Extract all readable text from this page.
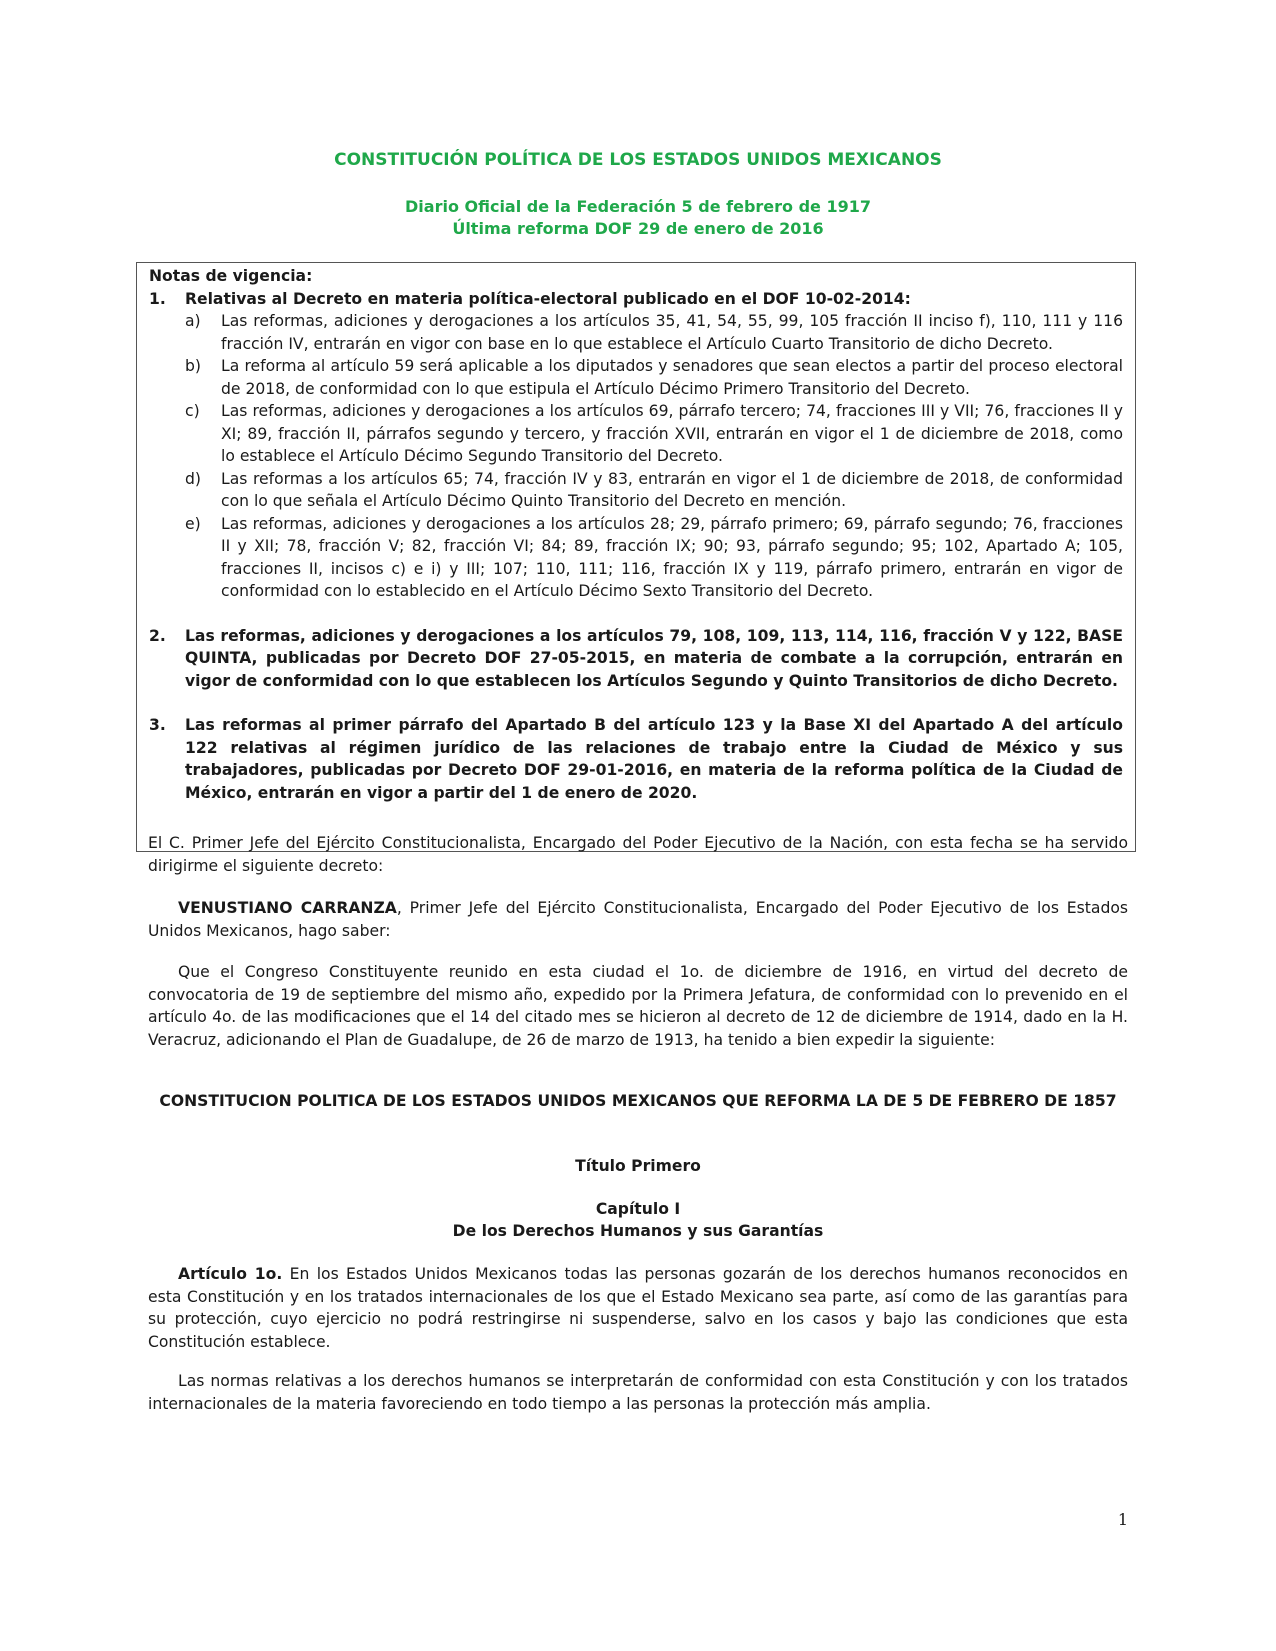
CONSTITUCIÓN POLÍTICA DE LOS ESTADOS UNIDOS MEXICANOS

Diario Oficial de la Federación 5 de febrero de 1917

Última reforma DOF 29 de enero de 2016

Notas de vigencia:

1.	Relativas al Decreto en materia política-electoral publicado en el DOF 10-02-2014:
a)	Las reformas, adiciones y derogaciones a los artículos 35, 41, 54, 55, 99, 105 fracción II inciso f), 110, 111 y 116 fracción IV, entrarán en vigor con base en lo que establece el Artículo Cuarto Transitorio de dicho Decreto.
b)	La reforma al artículo 59 será aplicable a los diputados y senadores que sean electos a partir del proceso electoral de 2018, de conformidad con lo que estipula el Artículo Décimo Primero Transitorio del Decreto.
c)	Las reformas, adiciones y derogaciones a los artículos 69, párrafo tercero; 74, fracciones III y VII; 76, fracciones II y XI; 89, fracción II, párrafos segundo y tercero, y fracción XVII, entrarán en vigor el 1 de diciembre de 2018, como lo establece el Artículo Décimo Segundo Transitorio del Decreto.
d)	Las reformas a los artículos 65; 74, fracción IV y 83, entrarán en vigor el 1 de diciembre de 2018, de conformidad con lo que señala el Artículo Décimo Quinto Transitorio del Decreto en mención.
e)	Las reformas, adiciones y derogaciones a los artículos 28; 29, párrafo primero; 69, párrafo segundo; 76, fracciones II y XII; 78, fracción V; 82, fracción VI; 84; 89, fracción IX; 90; 93, párrafo segundo; 95; 102, Apartado A; 105, fracciones II, incisos c) e i) y III; 107; 110, 111; 116, fracción IX y 119, párrafo primero, entrarán en vigor de conformidad con lo establecido en el Artículo Décimo Sexto Transitorio del Decreto.
2.	Las reformas, adiciones y derogaciones a los artículos 79, 108, 109, 113, 114, 116, fracción V y 122, BASE QUINTA, publicadas por Decreto DOF 27-05-2015, en materia de combate a la corrupción, entrarán en vigor de conformidad con lo que establecen los Artículos Segundo y Quinto Transitorios de dicho Decreto.
3.	Las reformas al primer párrafo del Apartado B del artículo 123 y la Base XI del Apartado A del artículo 122 relativas al régimen jurídico de las relaciones de trabajo entre la Ciudad de México y sus trabajadores, publicadas por Decreto DOF 29-01-2016, en materia de la reforma política de la Ciudad de México, entrarán en vigor a partir del 1 de enero de 2020.

El C. Primer Jefe del Ejército Constitucionalista, Encargado del Poder Ejecutivo de la Nación, con esta fecha se ha servido dirigirme el siguiente decreto:

VENUSTIANO CARRANZA, Primer Jefe del Ejército Constitucionalista, Encargado del Poder Ejecutivo de los Estados Unidos Mexicanos, hago saber:

Que el Congreso Constituyente reunido en esta ciudad el 1o. de diciembre de 1916, en virtud del decreto de convocatoria de 19 de septiembre del mismo año, expedido por la Primera Jefatura, de conformidad con lo prevenido en el artículo 4o. de las modificaciones que el 14 del citado mes se hicieron al decreto de 12 de diciembre de 1914, dado en la H. Veracruz, adicionando el Plan de Guadalupe, de 26 de marzo de 1913, ha tenido a bien expedir la siguiente:

CONSTITUCION POLITICA DE LOS ESTADOS UNIDOS MEXICANOS QUE REFORMA LA DE 5 DE FEBRERO DE 1857

Título Primero

Capítulo I

De los Derechos Humanos y sus Garantías

Artículo 1o. En los Estados Unidos Mexicanos todas las personas gozarán de los derechos humanos reconocidos en esta Constitución y en los tratados internacionales de los que el Estado Mexicano sea parte, así como de las garantías para su protección, cuyo ejercicio no podrá restringirse ni suspenderse, salvo en los casos y bajo las condiciones que esta Constitución establece.

Las normas relativas a los derechos humanos se interpretarán de conformidad con esta Constitución y con los tratados internacionales de la materia favoreciendo en todo tiempo a las personas la protección más amplia.

1
